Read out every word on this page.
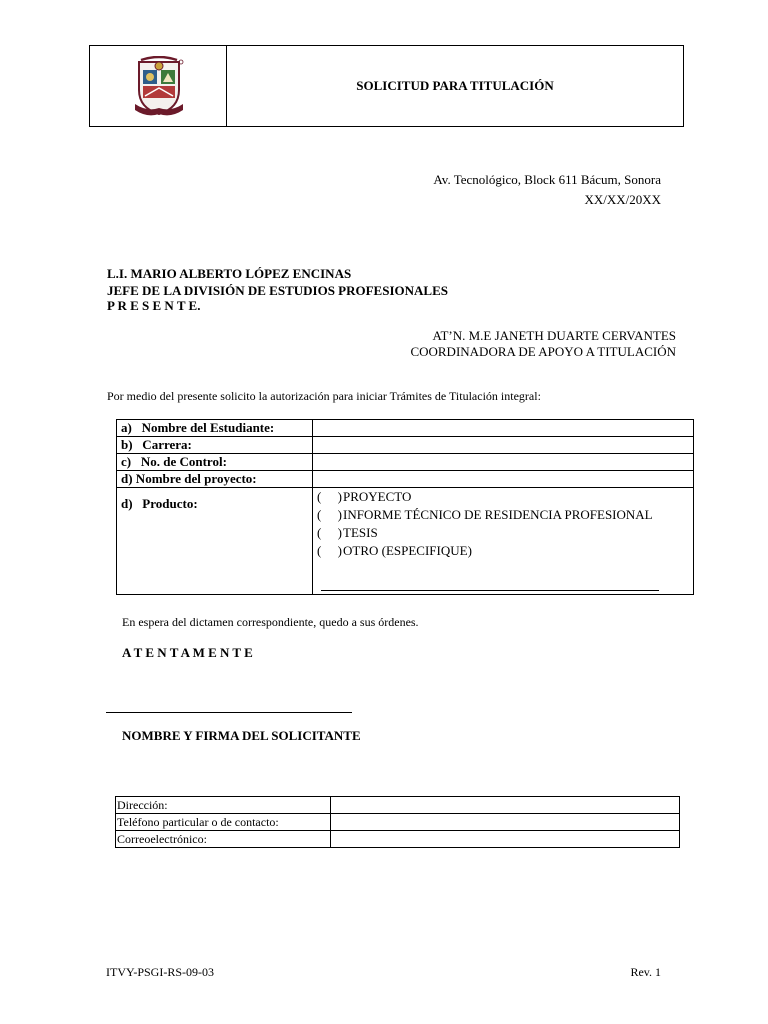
SOLICITUD PARA TITULACIÓN
Av. Tecnológico, Block 611 Bácum, Sonora
XX/XX/20XX
L.I. MARIO ALBERTO LÓPEZ ENCINAS
JEFE DE LA DIVISIÓN DE ESTUDIOS PROFESIONALES
P R E S E N T E.
AT’N. M.E JANETH DUARTE CERVANTES
COORDINADORA DE APOYO A TITULACIÓN
Por medio del presente solicito la autorización para iniciar Trámites de Titulación integral:
a)   Nombre del Estudiante:	
b)   Carrera:	
c)   No. de Control:	
d) Nombre del proyecto:	
d)   Producto:	(     )PROYECTO
(     )INFORME TÉCNICO DE RESIDENCIA PROFESIONAL
(     )TESIS
(     )OTRO (ESPECIFIQUE)
En espera del dictamen correspondiente, quedo a sus órdenes.
A T E N T A M E N T E
NOMBRE Y FIRMA DEL SOLICITANTE
Dirección:	
Teléfono particular o de contacto:	
Correoelectrónico:	
ITVY-PSGI-RS-09-03	Rev. 1
